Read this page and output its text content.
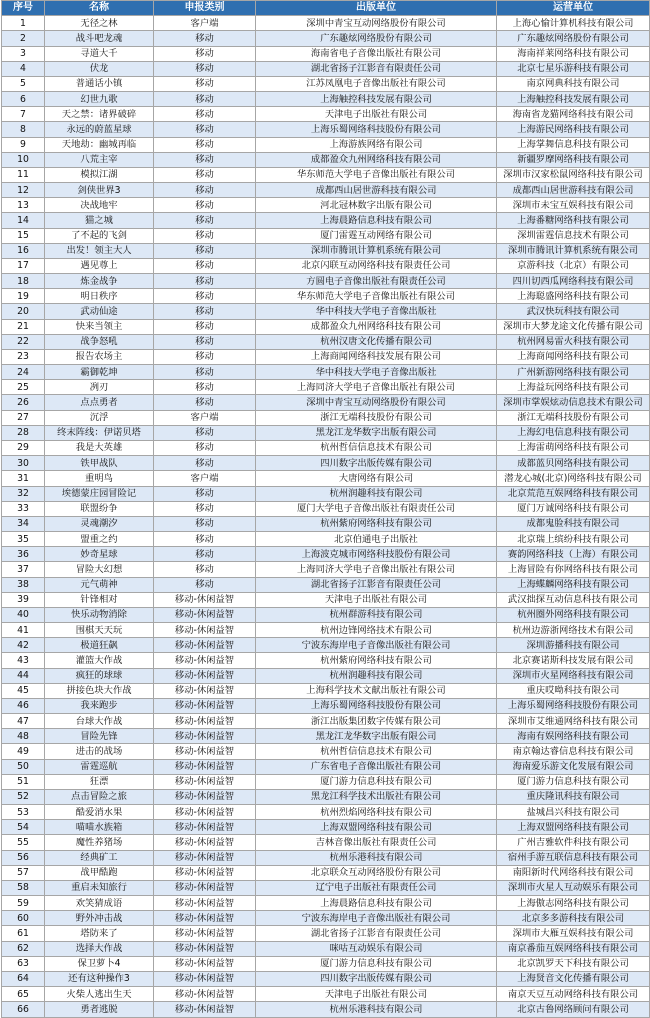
序号	名称	申报类别	出版单位	运营单位
1	无径之林	客户端	深圳中青宝互动网络股份有限公司	上海心愉计算机科技有限公司
2	战斗吧龙魂	移动	广东趣炫网络股份有限公司	广东趣炫网络股份有限公司
3	寻道大千	移动	海南省电子音像出版社有限公司	海南祥莱网络科技有限公司
4	伏龙	移动	湖北省扬子江影音有限责任公司	北京七星乐游科技有限公司
5	普通话小镇	移动	江苏凤凰电子音像出版社有限公司	南京网典科技有限公司
6	幻世九歌	移动	上海触控科技发展有限公司	上海触控科技发展有限公司
7	天之禁：诸界破碎	移动	天津电子出版社有限公司	海南省龙猫网络科技有限公司
8	永远的蔚蓝星球	移动	上海乐蜀网络科技股份有限公司	上海游民网络科技有限公司
9	天地劫：幽城再临	移动	上海游族网络有限公司	上海掌舞信息科技有限公司
10	八荒主宰	移动	成都盈众九州网络科技有限公司	新疆罗摩网络科技有限公司
11	模拟江湖	移动	华东师范大学电子音像出版社有限公司	深圳市汉家松鼠网络科技有限公司
12	剑侠世界3	移动	成都西山居世游科技有限公司	成都西山居世游科技有限公司
13	决战地牢	移动	河北冠林数字出版有限公司	深圳市未宝互娱科技有限公司
14	猫之城	移动	上海晨路信息科技有限公司	上海番糖网络科技有限公司
15	了不起的飞剑	移动	厦门雷霆互动网络有限公司	深圳雷霆信息技术有限公司
16	出发！领主大人	移动	深圳市腾讯计算机系统有限公司	深圳市腾讯计算机系统有限公司
17	遇见尊上	移动	北京闪联互动网络科技有限责任公司	京游科技（北京）有限公司
18	炼金战争	移动	方圆电子音像出版社有限责任公司	四川切西瓜网络科技有限公司
19	明日秩序	移动	华东师范大学电子音像出版社有限公司	上海聪盛网络科技有限公司
20	武动仙途	移动	华中科技大学电子音像出版社	武汉快玩科技有限公司
21	快来当领主	移动	成都盈众九州网络科技有限公司	深圳市大梦龙途文化传播有限公司
22	战争怒吼	移动	杭州汉唐文化传播有限公司	杭州网易雷火科技有限公司
23	报告农场主	移动	上海商闻网络科技发展有限公司	上海商闻网络科技有限公司
24	霸御乾坤	移动	华中科技大学电子音像出版社	广州新游网络科技有限公司
25	冽刃	移动	上海同济大学电子音像出版社有限公司	上海益玩网络科技有限公司
26	点点勇者	移动	深圳中青宝互动网络股份有限公司	深圳市掌娱炫动信息技术有限公司
27	沉浮	客户端	浙江无端科技股份有限公司	浙江无端科技股份有限公司
28	终末阵线：伊诺贝塔	移动	黑龙江龙华数字出版有限公司	上海幻电信息科技有限公司
29	我是大英雄	移动	杭州哲信信息技术有限公司	上海雷萌网络科技有限公司
30	铁甲战队	移动	四川数字出版传媒有限公司	成都蓝贝网络科技有限公司
31	重明鸟	客户端	大唐网络有限公司	潜龙心城(北京)网络科技有限公司
32	埃德蒙庄园冒险记	移动	杭州润趣科技有限公司	北京荒范互娱网络科技有限公司
33	联盟纷争	移动	厦门大学电子音像出版社有限责任公司	厦门万诚网络科技有限公司
34	灵魂潮汐	移动	杭州紫府网络科技有限公司	成都鬼脸科技有限公司
35	盟重之约	移动	北京伯通电子出版社	北京瑞上缤纷科技有限公司
36	妙奇星球	移动	上海波克城市网络科技股份有限公司	赛韵网络科技（上海）有限公司
37	冒险大幻想	移动	上海同济大学电子音像出版社有限公司	上海冒险有你网络科技有限公司
38	元气萌神	移动	湖北省扬子江影音有限责任公司	上海蝶麟网络科技有限公司
39	针锋相对	移动-休闲益智	天津电子出版社有限公司	武汉拙探互动信息科技有限公司
40	快乐动物消除	移动-休闲益智	杭州群游科技有限公司	杭州圈外网络科技有限公司
41	围棋天天玩	移动-休闲益智	杭州边锋网络技术有限公司	杭州边游浙网络技术有限公司
42	极道狂飙	移动-休闲益智	宁波东海岸电子音像出版社有限公司	深圳游播科技有限公司
43	灌篮大作战	移动-休闲益智	杭州紫府网络科技有限公司	北京赛诺斯科技发展有限公司
44	疯狂的球球	移动-休闲益智	杭州润趣科技有限公司	深圳市火星网络科技有限公司
45	拼接色块大作战	移动-休闲益智	上海科学技术文献出版社有限公司	重庆哎呦科技有限公司
46	我来跑步	移动-休闲益智	上海乐蜀网络科技股份有限公司	上海乐蜀网络科技股份有限公司
47	台球大作战	移动-休闲益智	浙江出版集团数字传媒有限公司	深圳市艾维通网络科技有限公司
48	冒险先锋	移动-休闲益智	黑龙江龙华数字出版有限公司	海南有娱网络科技有限公司
49	进击的战场	移动-休闲益智	杭州哲信信息技术有限公司	南京翰达睿信息科技有限公司
50	雷霆巡航	移动-休闲益智	广东省电子音像出版社有限公司	海南爱乐游文化发展有限公司
51	狂漂	移动-休闲益智	厦门游力信息科技有限公司	厦门游力信息科技有限公司
52	点击冒险之旅	移动-休闲益智	黑龙江科学技术出版社有限公司	重庆隆讯科技有限公司
53	酷爱消水果	移动-休闲益智	杭州烈焰网络科技有限公司	盐城昌兴科技有限公司
54	喵喵水族箱	移动-休闲益智	上海双盟网络科技有限公司	上海双盟网络科技有限公司
55	魔性养猪场	移动-休闲益智	吉林音像出版社有限责任公司	广州吉雅软件科技有限公司
56	经典矿工	移动-休闲益智	杭州乐港科技有限公司	宿州手游互联信息科技有限公司
57	战甲酷跑	移动-休闲益智	北京联众互动网络股份有限公司	南阳新时代网络科技有限公司
58	重启未知旅行	移动-休闲益智	辽宁电子出版社有限责任公司	深圳市火星人互动娱乐有限公司
59	欢笑猜成语	移动-休闲益智	上海晨路信息科技有限公司	上海傲志网络科技有限公司
60	野外冲击战	移动-休闲益智	宁波东海岸电子音像出版社有限公司	北京多多游科技有限公司
61	塔防来了	移动-休闲益智	湖北省扬子江影音有限责任公司	深圳市大雁互娱科技有限公司
62	选择大作战	移动-休闲益智	咪咕互动娱乐有限公司	南京番茄互娱网络科技有限公司
63	保卫萝卜4	移动-休闲益智	厦门游力信息科技有限公司	北京凯罗天下科技有限公司
64	还有这种操作3	移动-休闲益智	四川数字出版传媒有限公司	上海贤音文化传播有限公司
65	火柴人逃出生天	移动-休闲益智	天津电子出版社有限公司	南京天豆互动网络科技有限公司
66	勇者逃脱	移动-休闲益智	杭州乐港科技有限公司	北京古鲁网络顾问有限公司
